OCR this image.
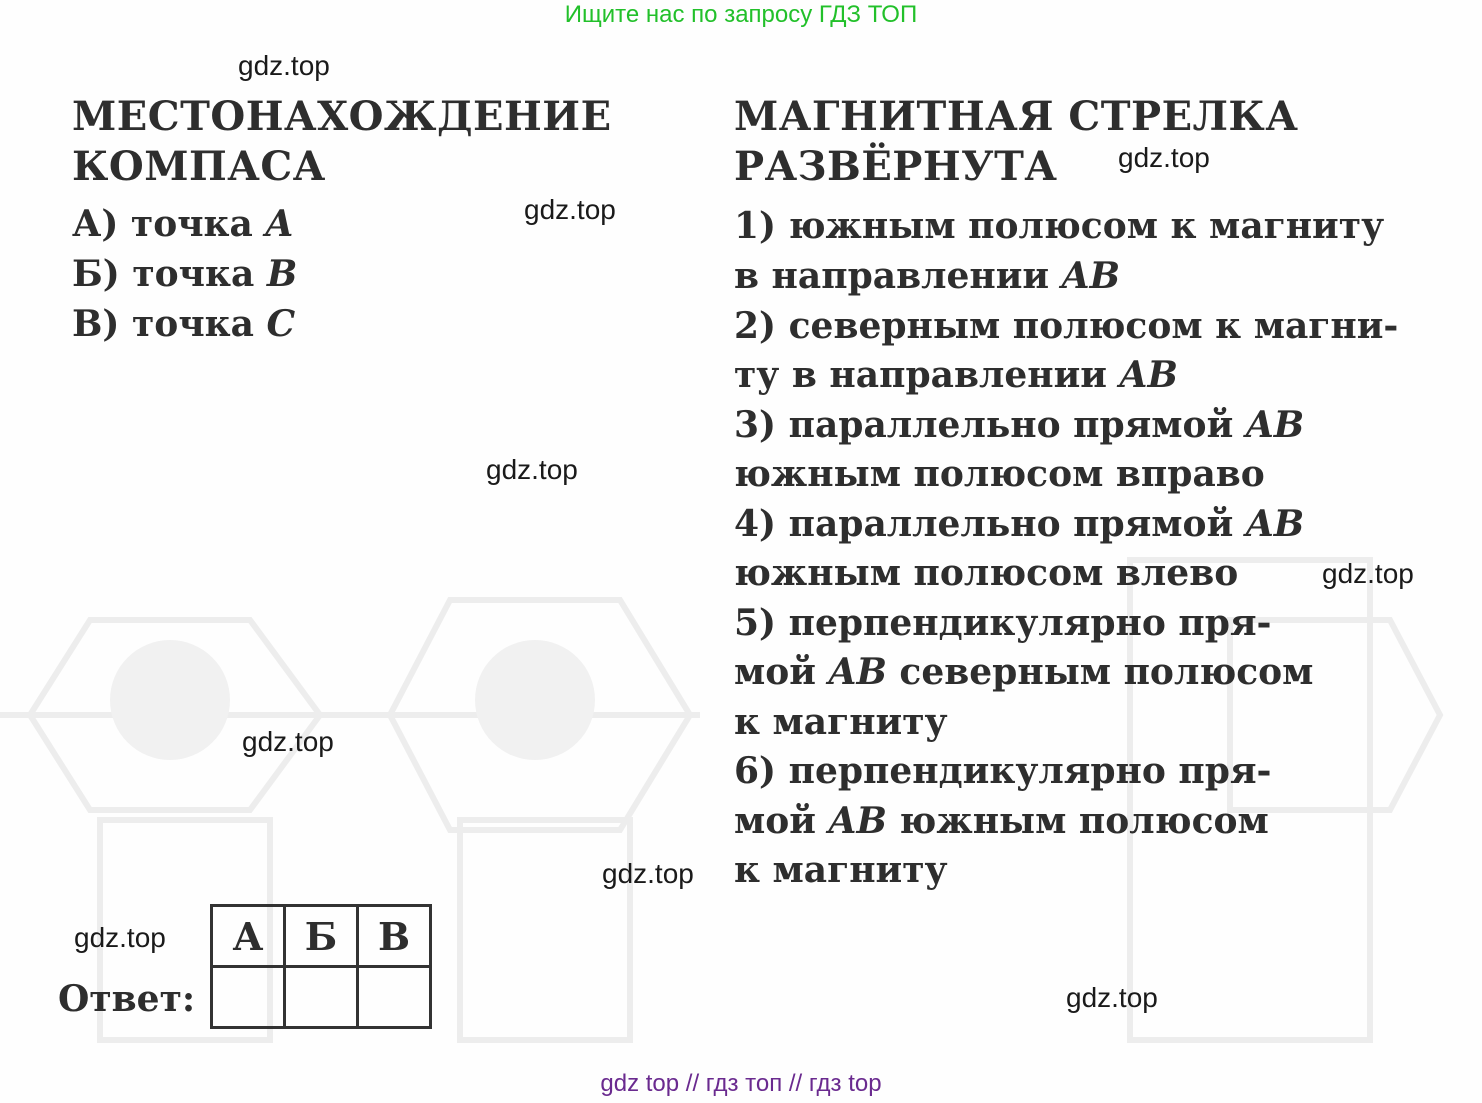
Ищите нас по запросу ГДЗ ТОП
МЕСТОНАХОЖДЕНИЕ
КОМПАСА
А) точка A
Б) точка B
В) точка C
МАГНИТНАЯ СТРЕЛКА
РАЗВЁРНУТА
1) южным полюсом к магниту
в направлении AB
2) северным полюсом к магни-
ту в направлении AB
3) параллельно прямой AB
южным полюсом вправо
4) параллельно прямой AB
южным полюсом влево
5) перпендикулярно пря-
мой AB северным полюсом
к магниту
6) перпендикулярно пря-
мой AB южным полюсом
к магниту
Ответ:
А	Б	В

gdz.top
gdz.top
gdz.top
gdz.top
gdz.top
gdz.top
gdz.top
gdz.top
gdz.top
gdz top // гдз топ // гдз top
